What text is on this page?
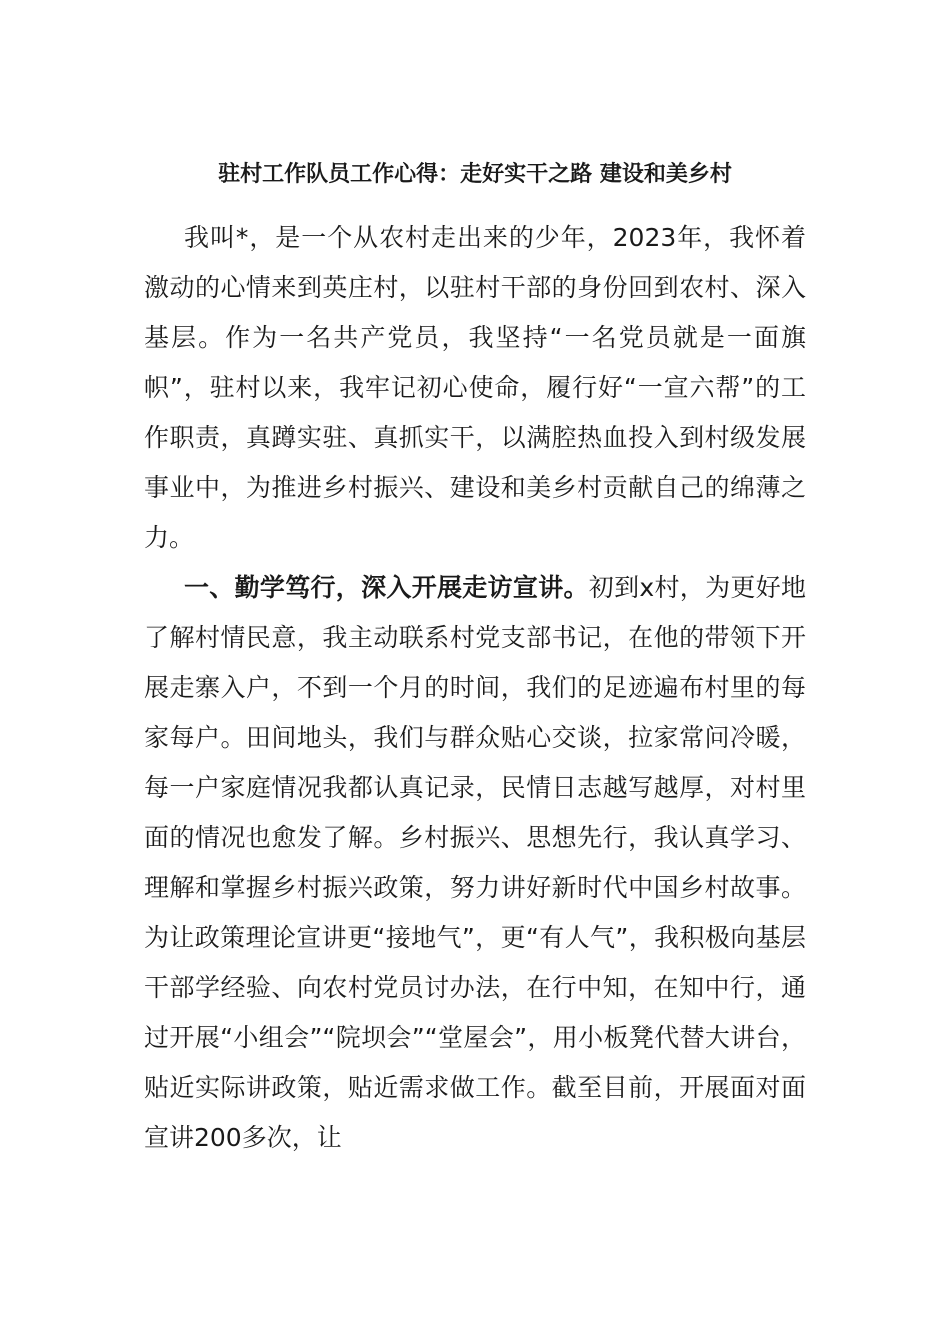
驻村工作队员工作心得：走好实干之路 建设和美乡村

我叫*，是一个从农村走出来的少年，2023年，我怀着激动的心情来到英庄村，以驻村干部的身份回到农村、深入基层。作为一名共产党员，我坚持“一名党员就是一面旗帜”，驻村以来，我牢记初心使命，履行好“一宣六帮”的工作职责，真蹲实驻、真抓实干，以满腔热血投入到村级发展事业中，为推进乡村振兴、建设和美乡村贡献自己的绵薄之力。

一、勤学笃行，深入开展走访宣讲。初到x村，为更好地了解村情民意，我主动联系村党支部书记，在他的带领下开展走寨入户，不到一个月的时间，我们的足迹遍布村里的每家每户。田间地头，我们与群众贴心交谈，拉家常问冷暖，每一户家庭情况我都认真记录，民情日志越写越厚，对村里面的情况也愈发了解。乡村振兴、思想先行，我认真学习、理解和掌握乡村振兴政策，努力讲好新时代中国乡村故事。为让政策理论宣讲更“接地气”，更“有人气”，我积极向基层干部学经验、向农村党员讨办法，在行中知，在知中行，通过开展“小组会”“院坝会”“堂屋会”，用小板凳代替大讲台，贴近实际讲政策，贴近需求做工作。截至目前，开展面对面宣讲200多次，让
